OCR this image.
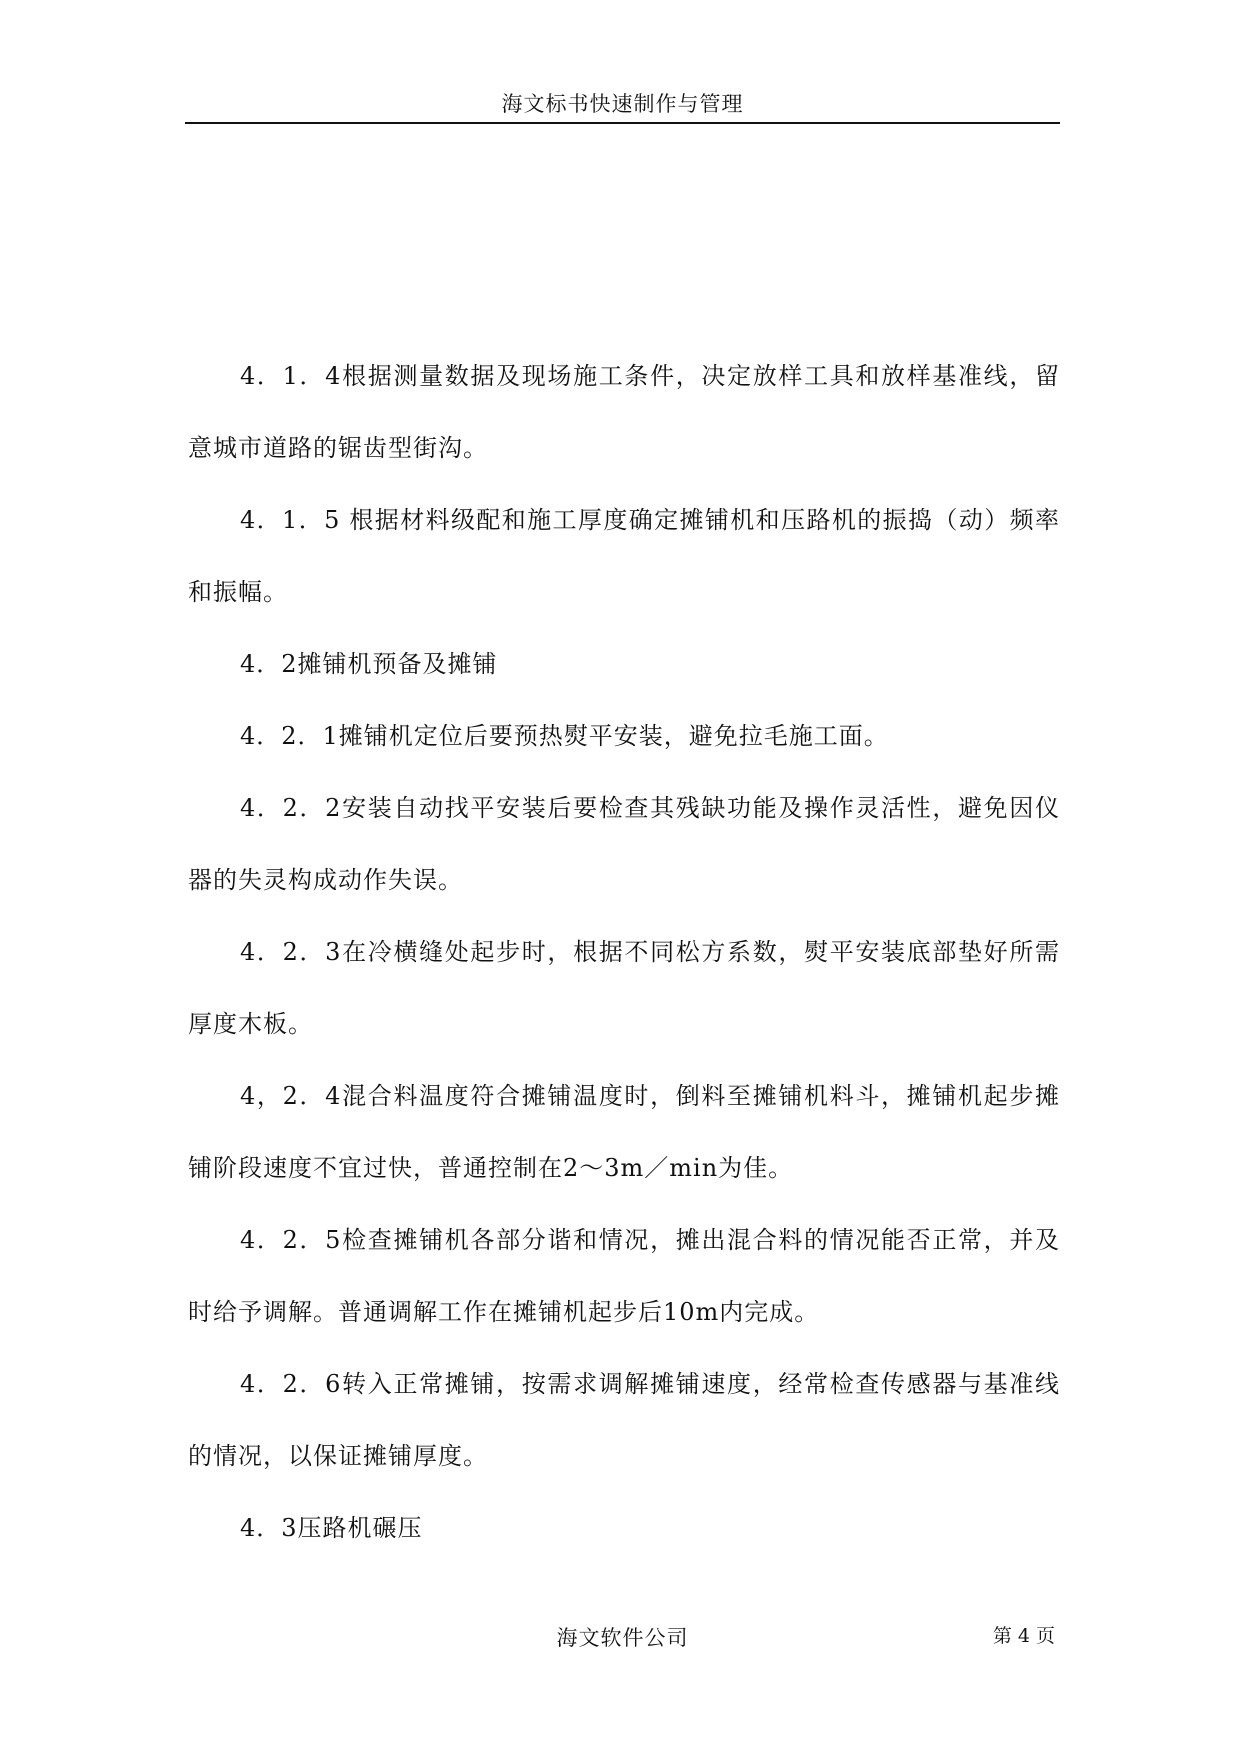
海文标书快速制作与管理

4．1．4根据测量数据及现场施工条件，决定放样工具和放样基准线，留意城市道路的锯齿型街沟。

4．1．5 根据材料级配和施工厚度确定摊铺机和压路机的振捣（动）频率和振幅。

4．2摊铺机预备及摊铺

4．2．1摊铺机定位后要预热熨平安装，避免拉毛施工面。

4．2．2安装自动找平安装后要检查其残缺功能及操作灵活性，避免因仪器的失灵构成动作失误。

4．2．3在冷横缝处起步时，根据不同松方系数，熨平安装底部垫好所需厚度木板。

4，2．4混合料温度符合摊铺温度时，倒料至摊铺机料斗，摊铺机起步摊铺阶段速度不宜过快，普通控制在2～3m／min为佳。

4．2．5检查摊铺机各部分谐和情况，摊出混合料的情况能否正常，并及时给予调解。普通调解工作在摊铺机起步后10m内完成。

4．2．6转入正常摊铺，按需求调解摊铺速度，经常检查传感器与基准线的情况，以保证摊铺厚度。

4．3压路机碾压

海文软件公司	第 4 页
